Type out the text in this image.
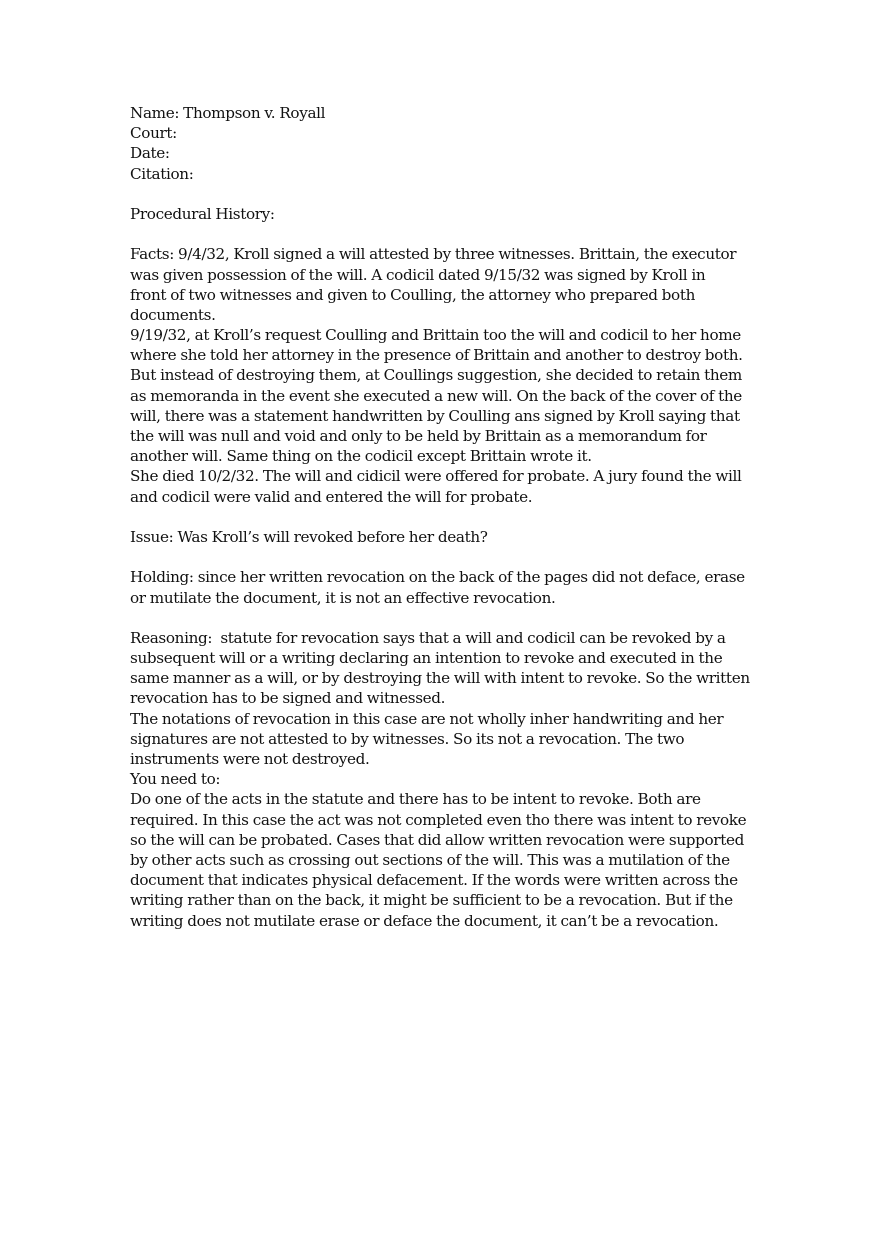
Name: Thompson v. Royall
Court:
Date:
Citation:
Procedural History:
Facts: 9/4/32, Kroll signed a will attested by three witnesses. Brittain, the executor
was given possession of the will. A codicil dated 9/15/32 was signed by Kroll in
front of two witnesses and given to Coulling, the attorney who prepared both
documents.
9/19/32, at Kroll’s request Coulling and Brittain too the will and codicil to her home
where she told her attorney in the presence of Brittain and another to destroy both.
But instead of destroying them, at Coullings suggestion, she decided to retain them
as memoranda in the event she executed a new will. On the back of the cover of the
will, there was a statement handwritten by Coulling ans signed by Kroll saying that
the will was null and void and only to be held by Brittain as a memorandum for
another will. Same thing on the codicil except Brittain wrote it.
She died 10/2/32. The will and cidicil were offered for probate. A jury found the will
and codicil were valid and entered the will for probate.
Issue: Was Kroll’s will revoked before her death?
Holding: since her written revocation on the back of the pages did not deface, erase
or mutilate the document, it is not an effective revocation.
Reasoning:  statute for revocation says that a will and codicil can be revoked by a
subsequent will or a writing declaring an intention to revoke and executed in the
same manner as a will, or by destroying the will with intent to revoke. So the written
revocation has to be signed and witnessed.
The notations of revocation in this case are not wholly inher handwriting and her
signatures are not attested to by witnesses. So its not a revocation. The two
instruments were not destroyed.
You need to:
Do one of the acts in the statute and there has to be intent to revoke. Both are
required. In this case the act was not completed even tho there was intent to revoke
so the will can be probated. Cases that did allow written revocation were supported
by other acts such as crossing out sections of the will. This was a mutilation of the
document that indicates physical defacement. If the words were written across the
writing rather than on the back, it might be sufficient to be a revocation. But if the
writing does not mutilate erase or deface the document, it can’t be a revocation.
